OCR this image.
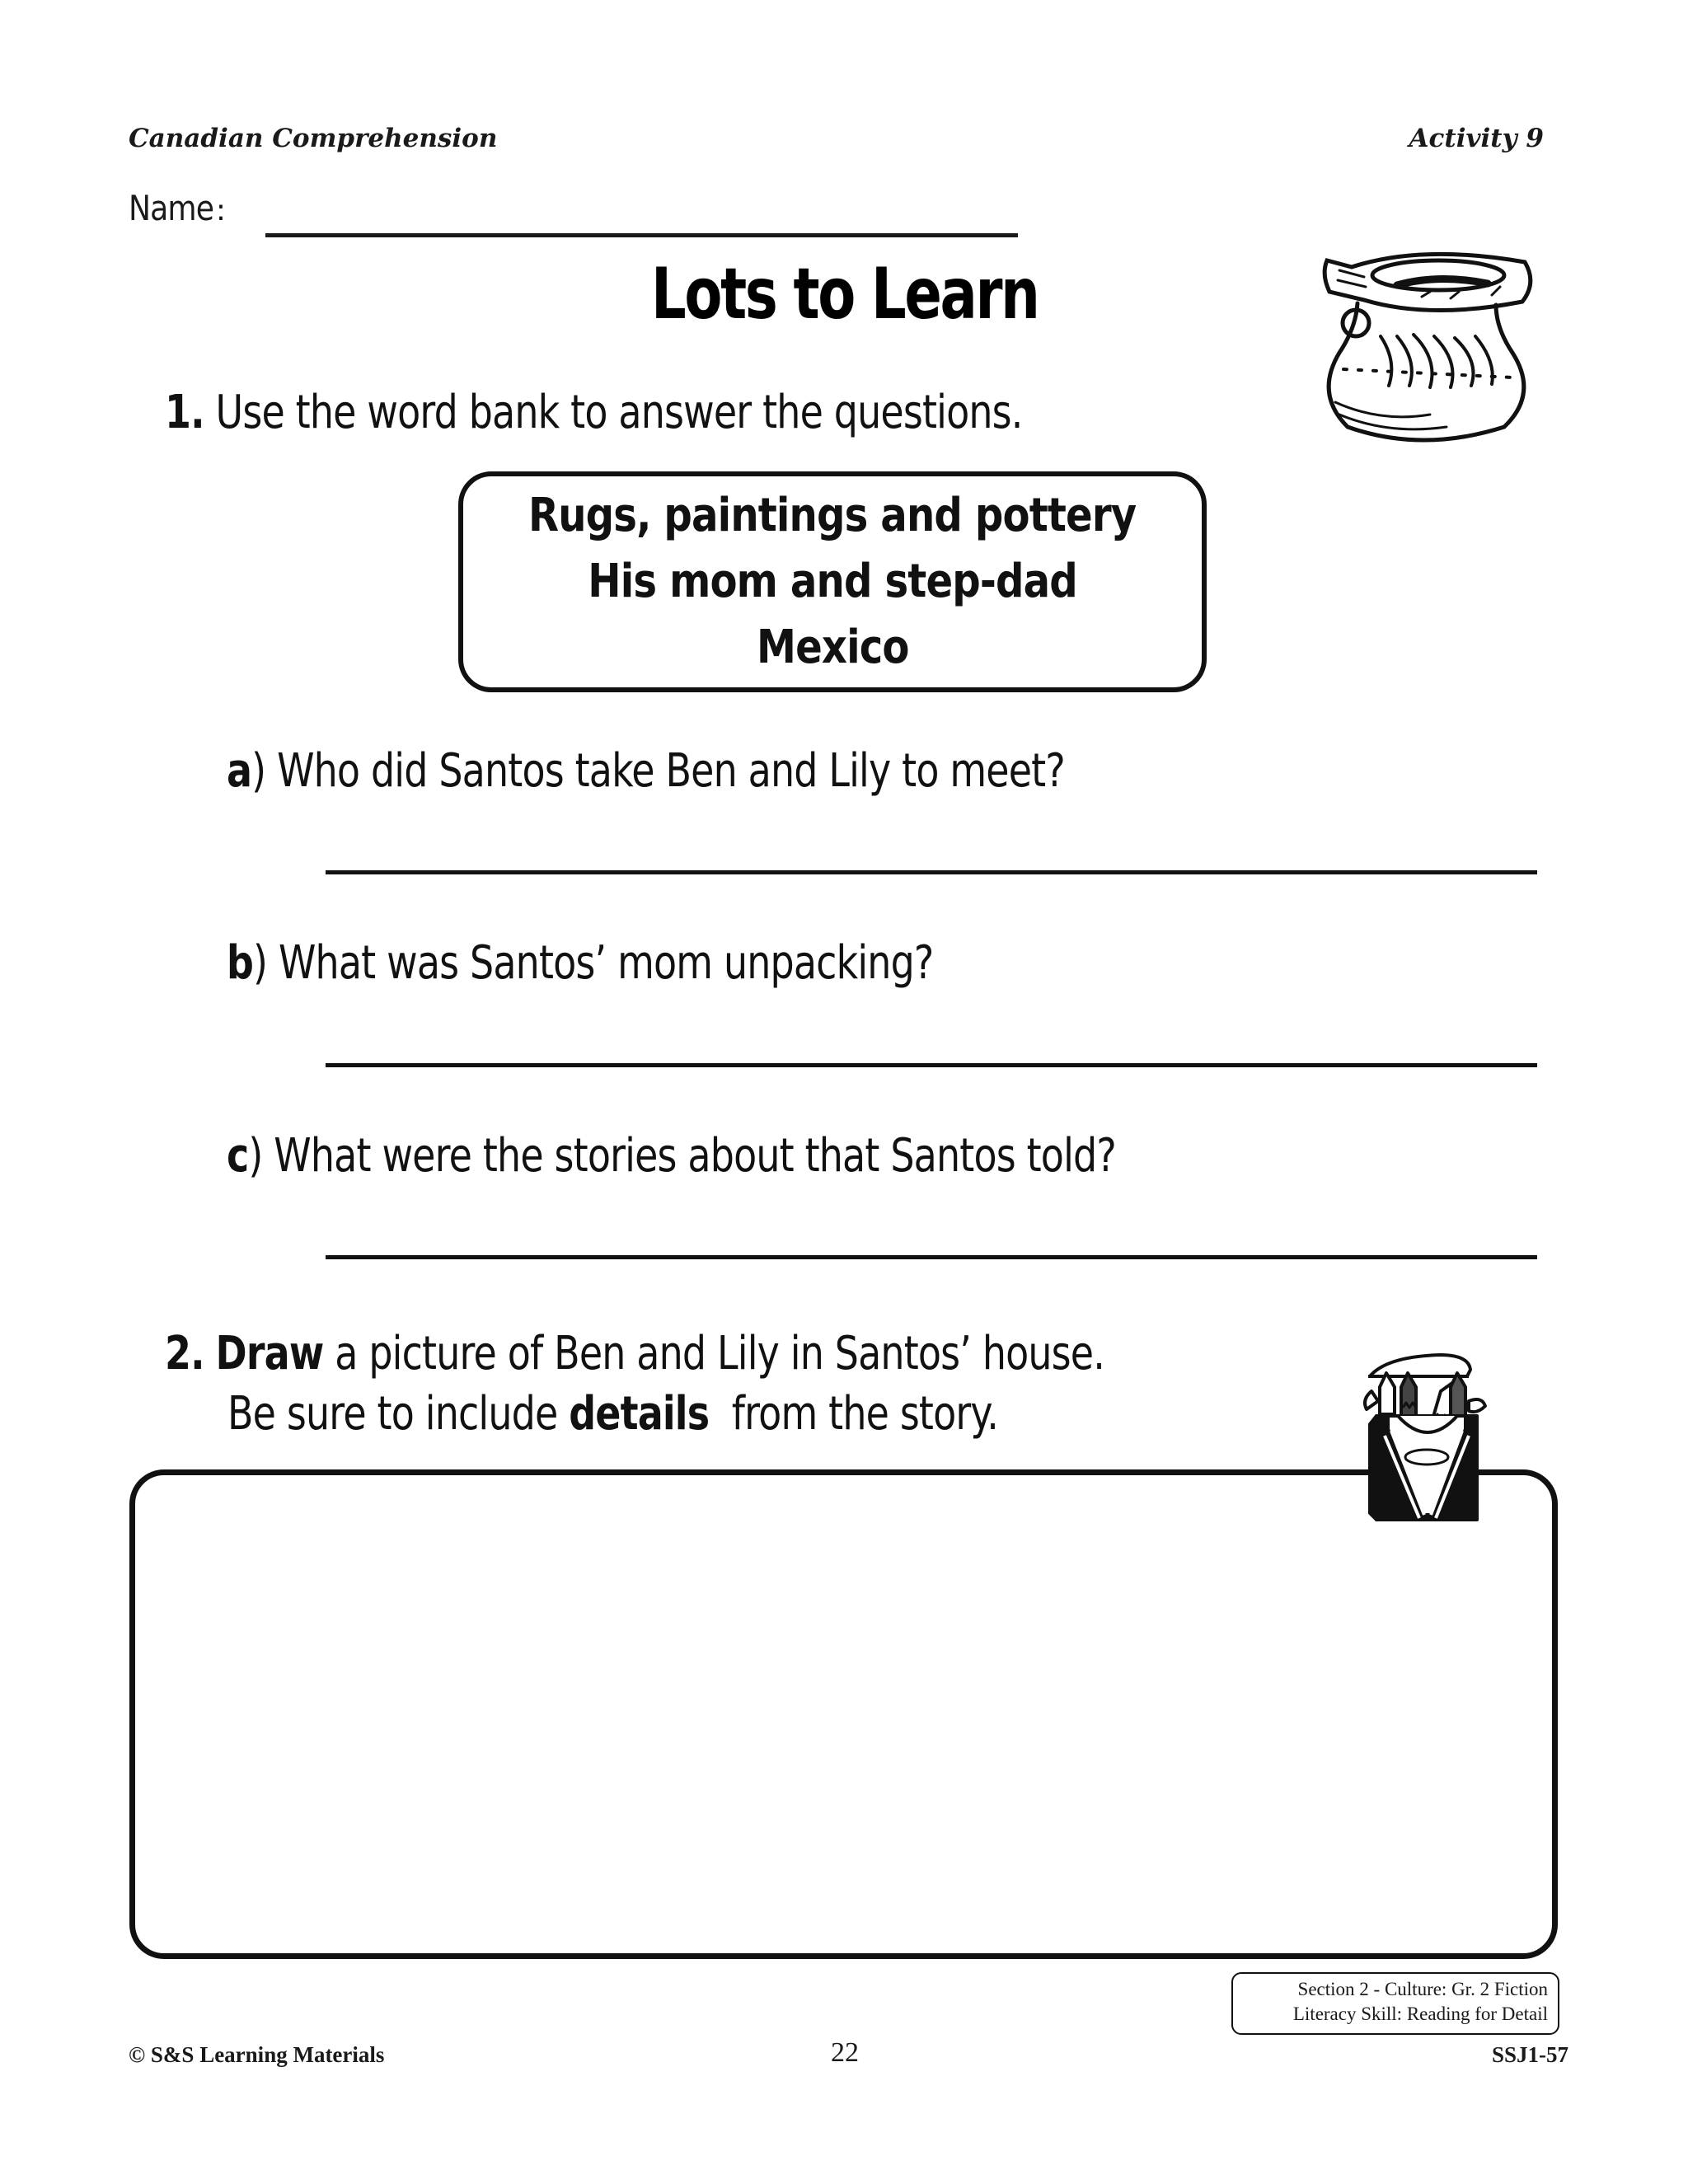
Canadian Comprehension	Activity 9
Name :
Lots to Learn
1. Use the word bank to answer the questions.
Rugs, paintings and pottery
His mom and step-dad
Mexico
a) Who did Santos take Ben and Lily to meet?
b) What was Santos’ mom unpacking?
c) What were the stories about that Santos told?
2. Draw a picture of Ben and Lily in Santos’ house.
Be sure to include details  from the story.
Section 2 - Culture: Gr. 2 Fiction
Literacy Skill: Reading for Detail
© S&S Learning Materials	22	SSJ1-57
